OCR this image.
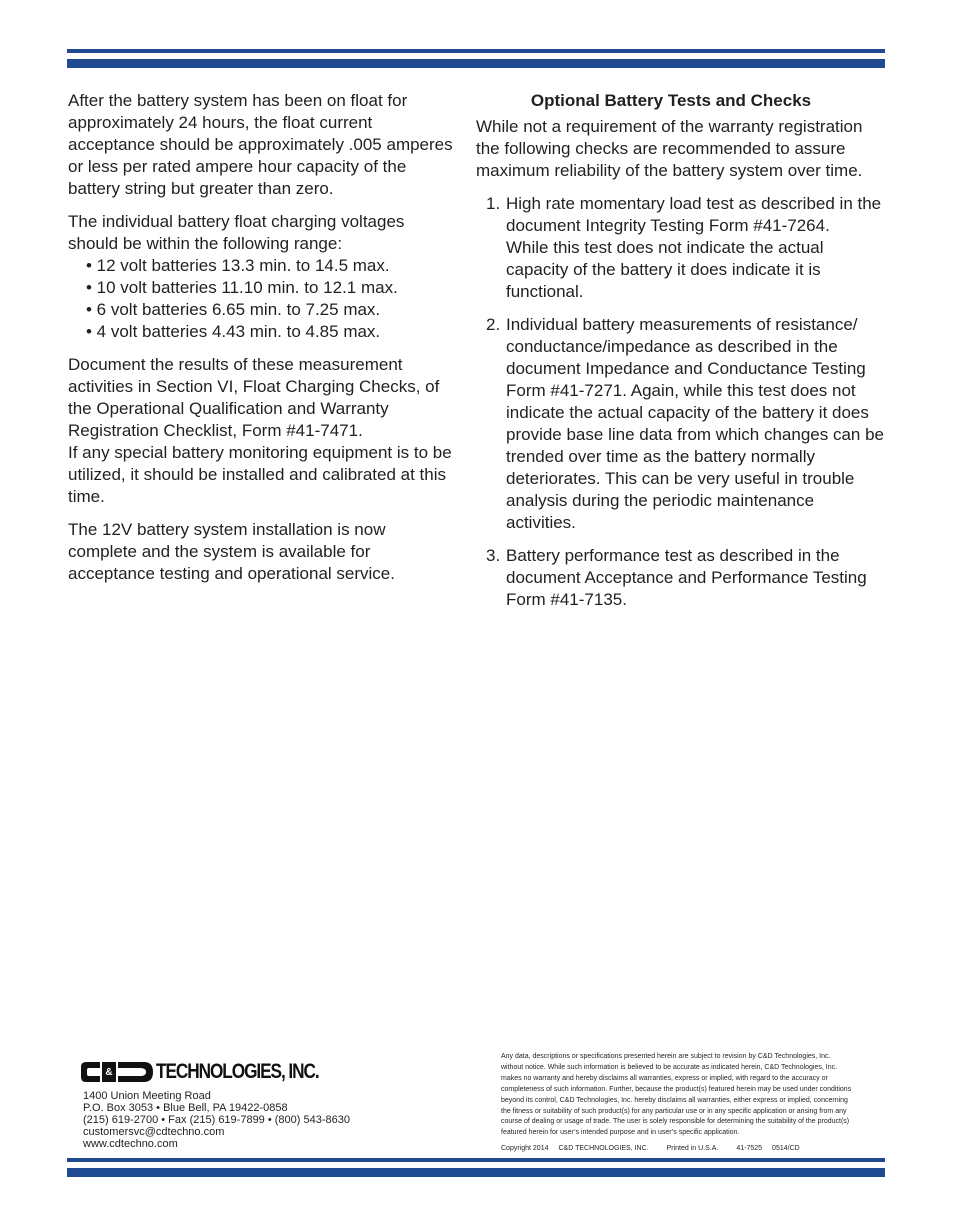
After the battery system has been on float for approximately 24 hours, the float current acceptance should be approximately .005 amperes or less per rated ampere hour capacity of the battery string but greater than zero.

The individual battery float charging voltages should be within the following range:

• 12 volt batteries 13.3 min. to 14.5 max.
• 10 volt batteries 11.10 min. to 12.1 max.
• 6 volt batteries 6.65 min. to 7.25 max.
• 4 volt batteries 4.43 min. to 4.85 max.

Document the results of these measurement activities in Section VI, Float Charging Checks, of the Operational Qualification and Warranty Registration Checklist, Form #41-7471.

If any special battery monitoring equipment is to be utilized, it should be installed and calibrated at this time.

The 12V battery system installation is now complete and the system is available for acceptance testing and operational service.

Optional Battery Tests and Checks

While not a requirement of the warranty registration the following checks are recommended to assure maximum reliability of the battery system over time.

1. High rate momentary load test as described in the document Integrity Testing Form #41-7264.
While this test does not indicate the actual capacity of the battery it does indicate it is functional.
2. Individual battery measurements of resistance/ conductance/impedance as described in the document Impedance and Conductance Testing Form #41-7271. Again, while this test does not indicate the actual capacity of the battery it does provide base line data from which changes can be trended over time as the battery normally deteriorates. This can be very useful in trouble analysis during the periodic maintenance activities.
3. Battery performance test as described in the document Acceptance and Performance Testing Form #41-7135.
& TECHNOLOGIES, INC.
1400 Union Meeting Road
P.O. Box 3053 • Blue Bell, PA 19422-0858
(215) 619-2700 • Fax (215) 619-7899 • (800) 543-8630
customersvc@cdtechno.com
www.cdtechno.com
Any data, descriptions or specifications presented herein are subject to revision by C&D Technologies, Inc.
without notice. While such information is believed to be accurate as indicated herein, C&D Technologies, Inc.
makes no warranty and hereby disclaims all warranties, express or implied, with regard to the accuracy or
completeness of such information. Further, because the product(s) featured herein may be used under conditions
beyond its control, C&D Technologies, Inc. hereby disclaims all warranties, either express or implied, concerning
the fitness or suitability of such product(s) for any particular use or in any specific application or arising from any
course of dealing or usage of trade. The user is solely responsible for determining the suitability of the product(s)
featured herein for user’s intended purpose and in user’s specific application.
Copyright 2014 C&D TECHNOLOGIES, INC.	Printed in U.S.A.	41-7525 0514/CD
